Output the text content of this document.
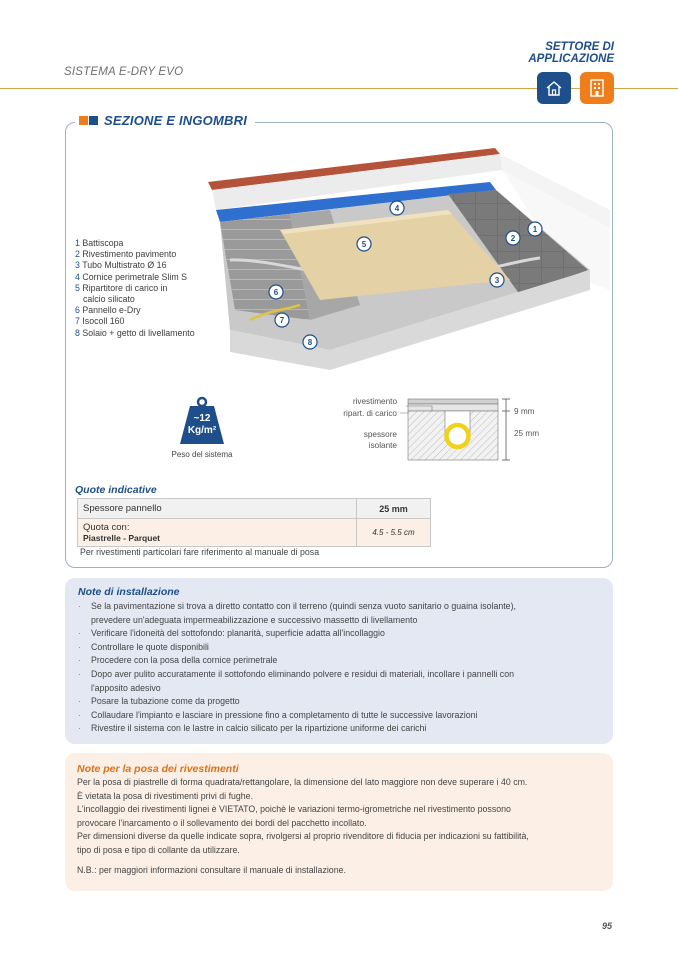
SISTEMA E-DRY EVO
SETTORE DI
APPLICAZIONE
SEZIONE E INGOMBRI
1 Battiscopa
2 Rivestimento pavimento
3 Tubo Multistrato Ø 16
4 Cornice perimetrale Slim S
5 Ripartitore di carico in
calcio silicato
6 Pannello e-Dry
7 Isocoll 160
8 Solaio + getto di livellamento
1
2
3
4
5
6
7
8
~12
Kg/m²
Peso del sistema
rivestimento
ripart. di carico
spessore
isolante
9 mm
25 mm
Quote indicative
Spessore pannello	25 mm
Quota con:
Piastrelle - Parquet	4.5 - 5.5 cm
Per rivestimenti particolari fare riferimento al manuale di posa
Note di installazione
· Se la pavimentazione si trova a diretto contatto con il terreno (quindi senza vuoto sanitario o guaina isolante),
prevedere un'adeguata impermeabilizzazione e successivo massetto di livellamento
· Verificare l'idoneità del sottofondo: planarità, superficie adatta all'incollaggio
· Controllare le quote disponibili
· Procedere con la posa della cornice perimetrale
· Dopo aver pulito accuratamente il sottofondo eliminando polvere e residui di materiali, incollare i pannelli con
l'apposito adesivo
· Posare la tubazione come da progetto
· Collaudare l'impianto e lasciare in pressione fino a completamento di tutte le successive lavorazioni
· Rivestire il sistema con le lastre in calcio silicato per la ripartizione uniforme dei carichi
Note per la posa dei rivestimenti

Per la posa di piastrelle di forma quadrata/rettangolare, la dimensione del lato maggiore non deve superare i 40 cm.

È vietata la posa di rivestimenti privi di fughe.

L'incollaggio dei rivestimenti lignei è VIETATO, poichè le variazioni termo-igrometriche nel rivestimento possono

provocare l'inarcamento o il sollevamento dei bordi del pacchetto incollato.

Per dimensioni diverse da quelle indicate sopra, rivolgersi al proprio rivenditore di fiducia per indicazioni su fattibilità,

tipo di posa e tipo di collante da utilizzare.

N.B.: per maggiori informazioni consultare il manuale di installazione.

95
